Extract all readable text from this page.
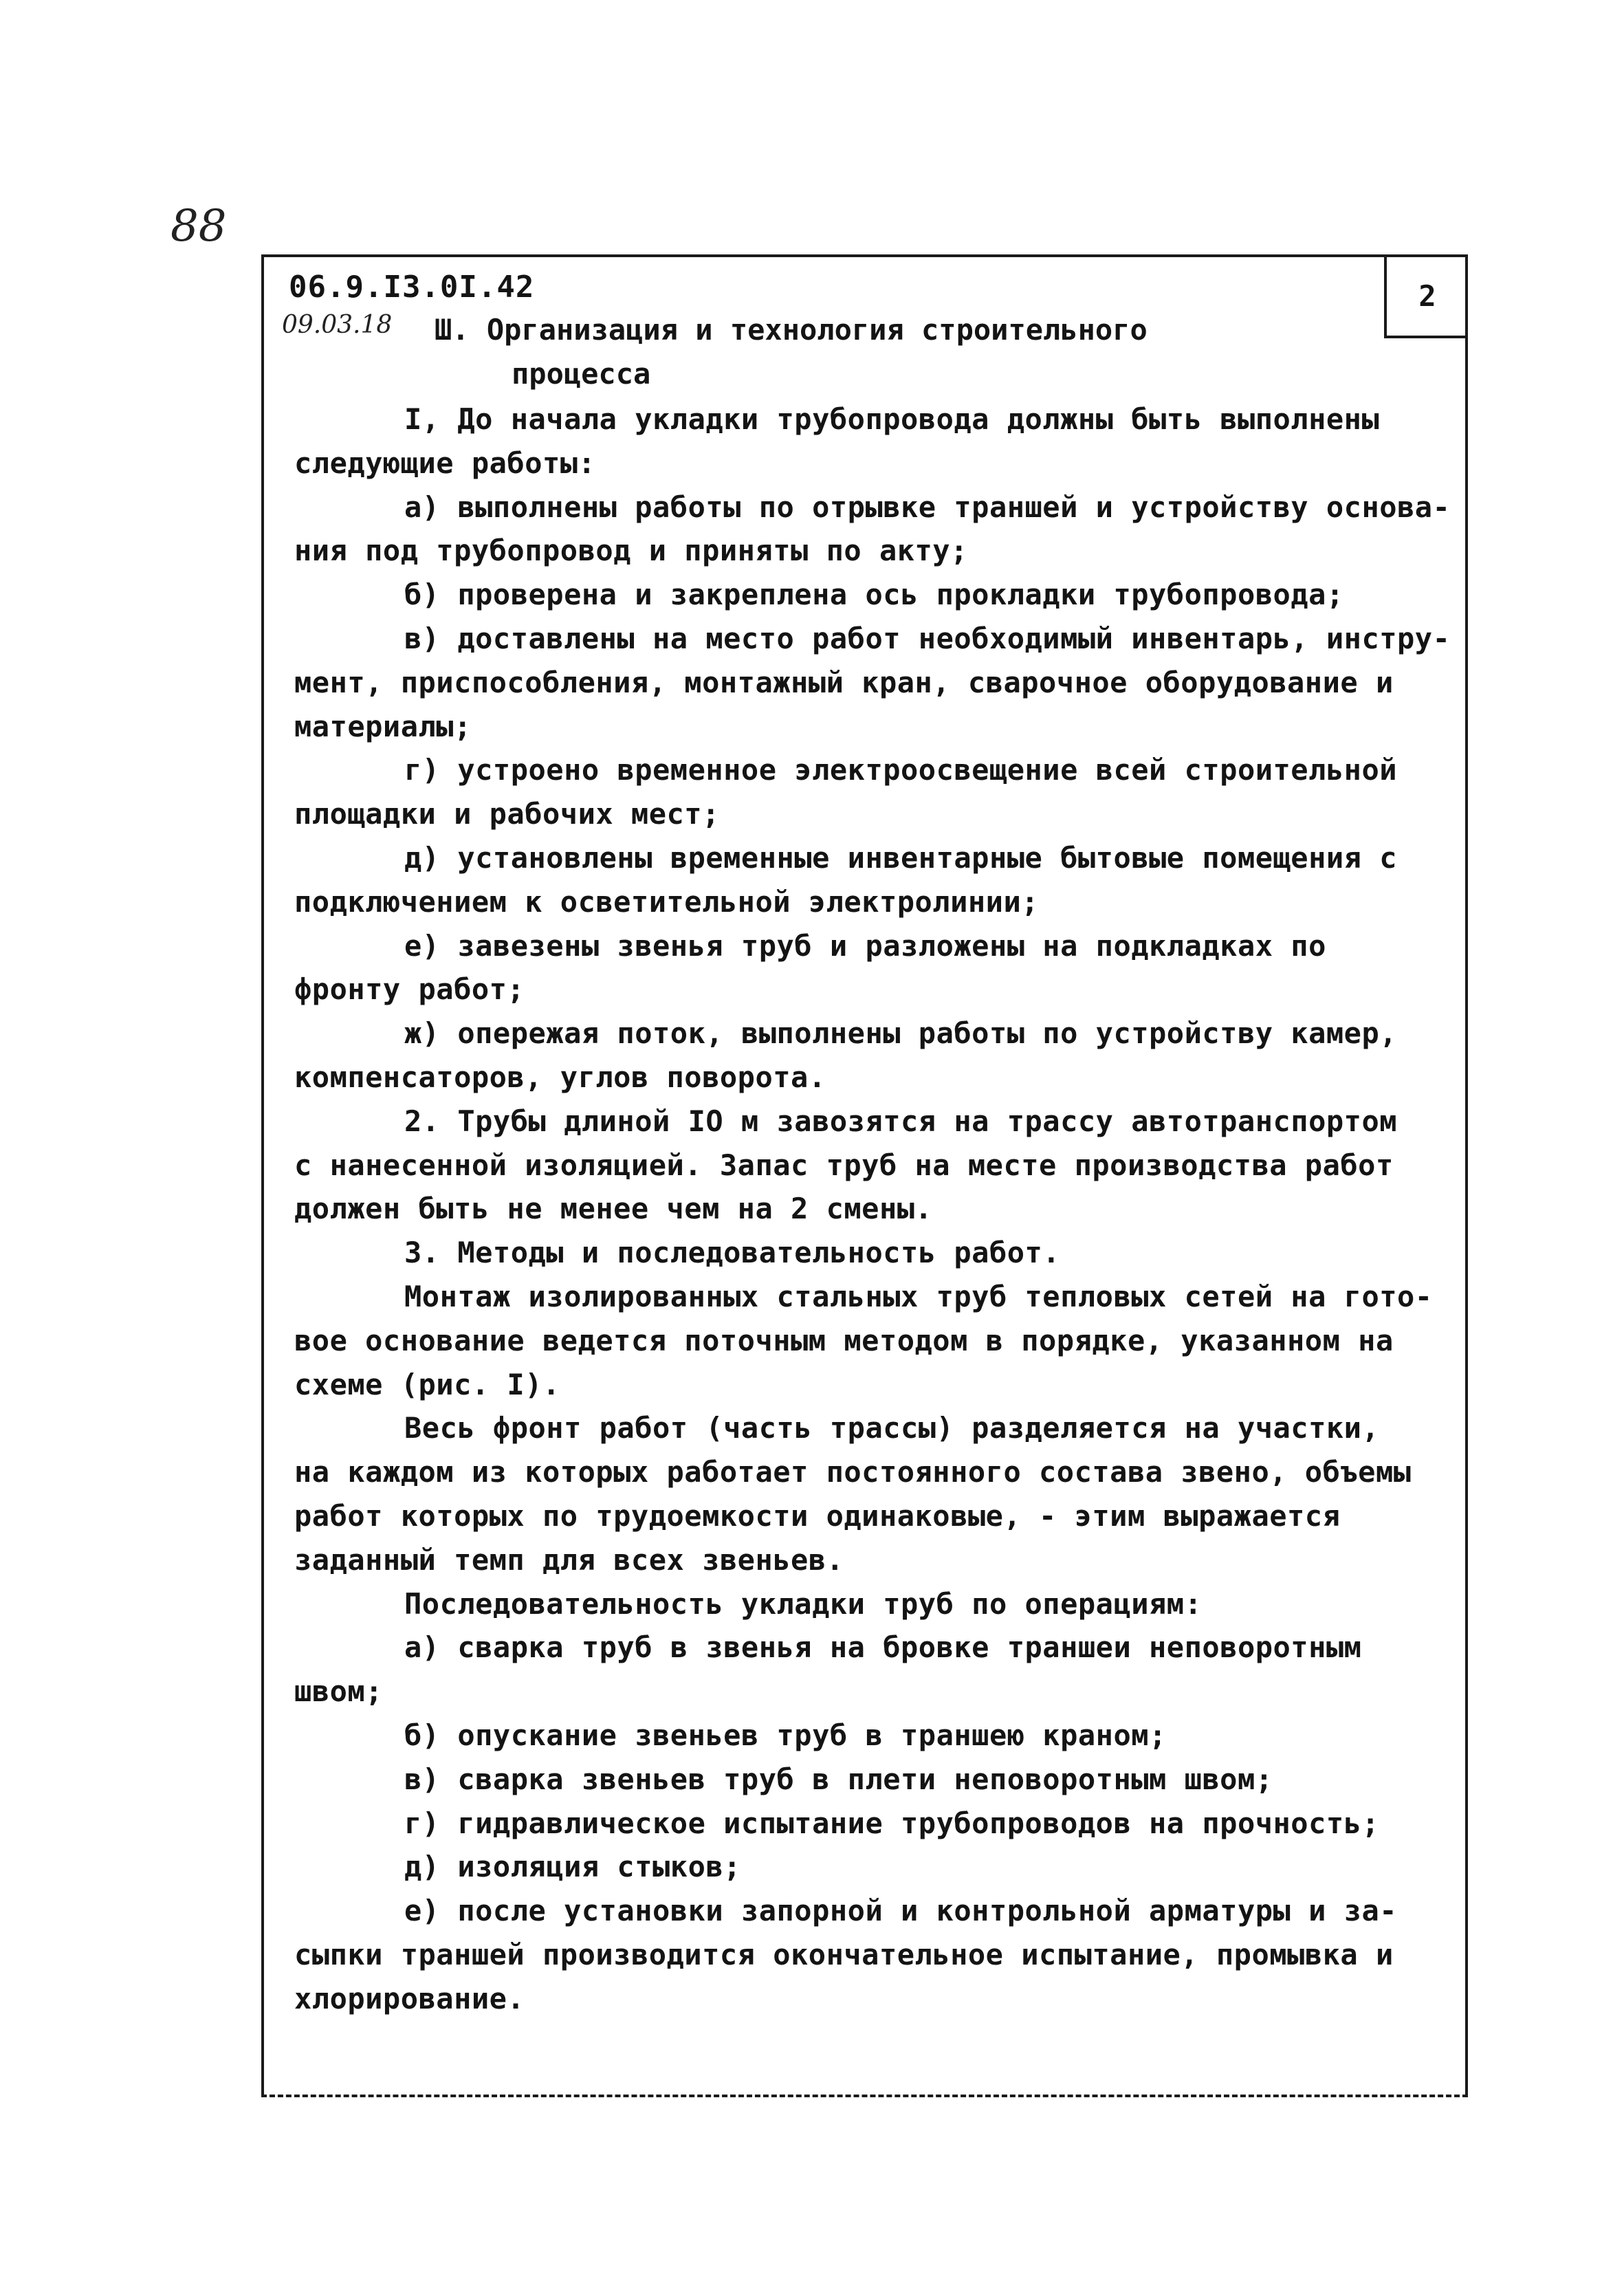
88
2
06.9.I3.0I.42
09.03.18 Ш. Организация и технология строительного
процесса
I, До начала укладки трубопровода должны быть выполнены
следующие работы:
а) выполнены работы по отрывке траншей и устройству основа-
ния под трубопровод и приняты по акту;
б) проверена и закреплена ось прокладки трубопровода;
в) доставлены на место работ необходимый инвентарь, инстру-
мент, приспособления, монтажный кран, сварочное оборудование и
материалы;
г) устроено временное электроосвещение всей строительной
площадки и рабочих мест;
д) установлены временные инвентарные бытовые помещения с
подключением к осветительной электролинии;
е) завезены звенья труб и разложены на подкладках по
фронту работ;
ж) опережая поток, выполнены работы по устройству камер,
компенсаторов, углов поворота.
2. Трубы длиной IO м завозятся на трассу автотранспортом
с нанесенной изоляцией. Запас труб на месте производства работ
должен быть не менее чем на 2 смены.
3. Методы и последовательность работ.
Монтаж изолированных стальных труб тепловых сетей на гото-
вое основание ведется поточным методом в порядке, указанном на
схеме (рис. I).
Весь фронт работ (часть трассы) разделяется на участки,
на каждом из которых работает постоянного состава звено, объемы
работ которых по трудоемкости одинаковые, - этим выражается
заданный темп для всех звеньев.
Последовательность укладки труб по операциям:
а) сварка труб в звенья на бровке траншеи неповоротным
швом;
б) опускание звеньев труб в траншею краном;
в) сварка звеньев труб в плети неповоротным швом;
г) гидравлическое испытание трубопроводов на прочность;
д) изоляция стыков;
е) после установки запорной и контрольной арматуры и за-
сыпки траншей производится окончательное испытание, промывка и
хлорирование.
